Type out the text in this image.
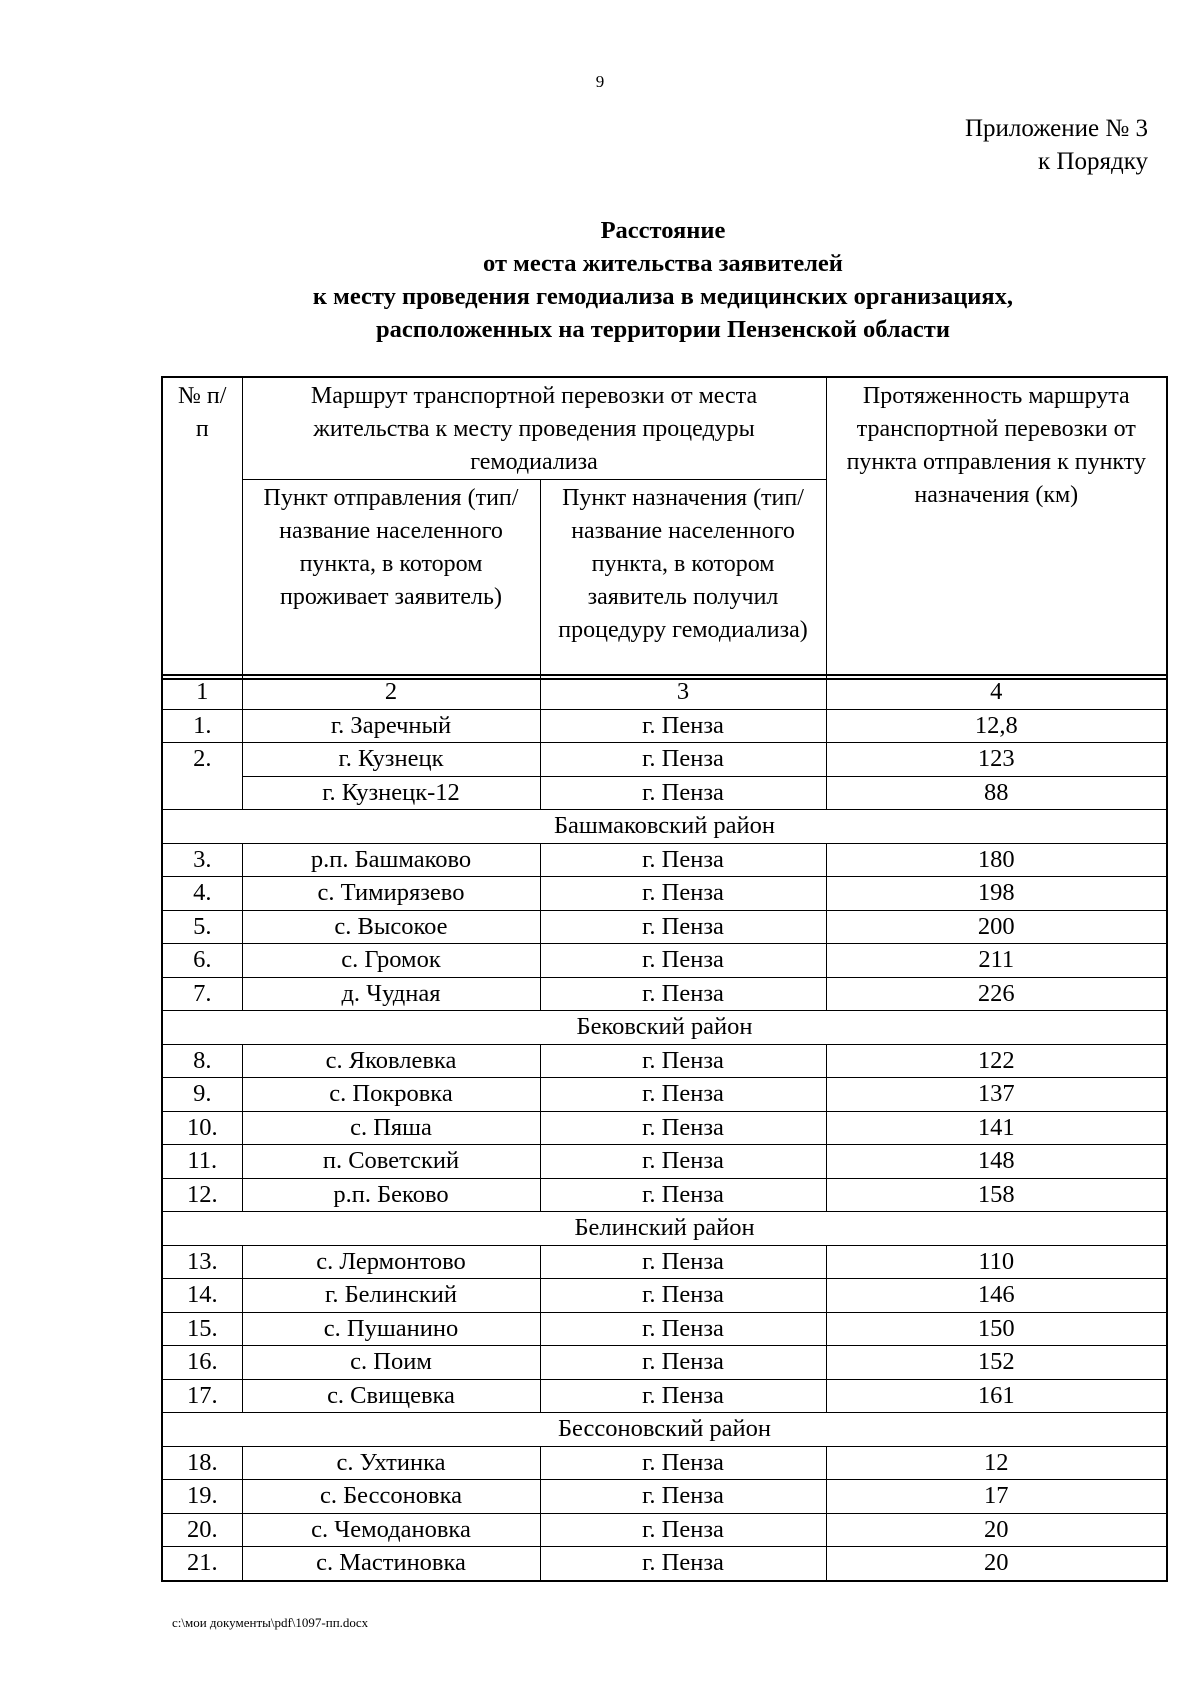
9
Приложение № 3
к Порядку
Расстояние
от места жительства заявителей
к месту проведения гемодиализа в медицинских организациях,
расположенных на территории Пензенской области
№ п/п	Маршрут транспортной перевозки от места жительства к месту проведения процедуры гемодиализа		Протяженность маршрута транспортной перевозки от пункта отправления к пункту назначения (км)
	Пункт отправления (тип/название населенного пункта, в котором проживает заявитель)	Пункт назначения (тип/название населенного пункта, в котором заявитель получил процедуру гемодиализа)	
1	2	3	4
1.	г. Заречный	г. Пенза	12,8
2.	г. Кузнецк	г. Пенза	123
	г. Кузнецк-12	г. Пенза	88
Башмаковский район			
3.	р.п. Башмаково	г. Пенза	180
4.	с. Тимирязево	г. Пенза	198
5.	с. Высокое	г. Пенза	200
6.	с. Громок	г. Пенза	211
7.	д. Чудная	г. Пенза	226
Бековский район			
8.	с. Яковлевка	г. Пенза	122
9.	с. Покровка	г. Пенза	137
10.	с. Пяша	г. Пенза	141
11.	п. Советский	г. Пенза	148
12.	р.п. Беково	г. Пенза	158
Белинский район			
13.	с. Лермонтово	г. Пенза	110
14.	г. Белинский	г. Пенза	146
15.	с. Пушанино	г. Пенза	150
16.	с. Поим	г. Пенза	152
17.	с. Свищевка	г. Пенза	161
Бессоновский район			
18.	с. Ухтинка	г. Пенза	12
19.	с. Бессоновка	г. Пенза	17
20.	с. Чемодановка	г. Пенза	20
21.	с. Мастиновка	г. Пенза	20
c:\мои документы\pdf\1097-пп.docx
